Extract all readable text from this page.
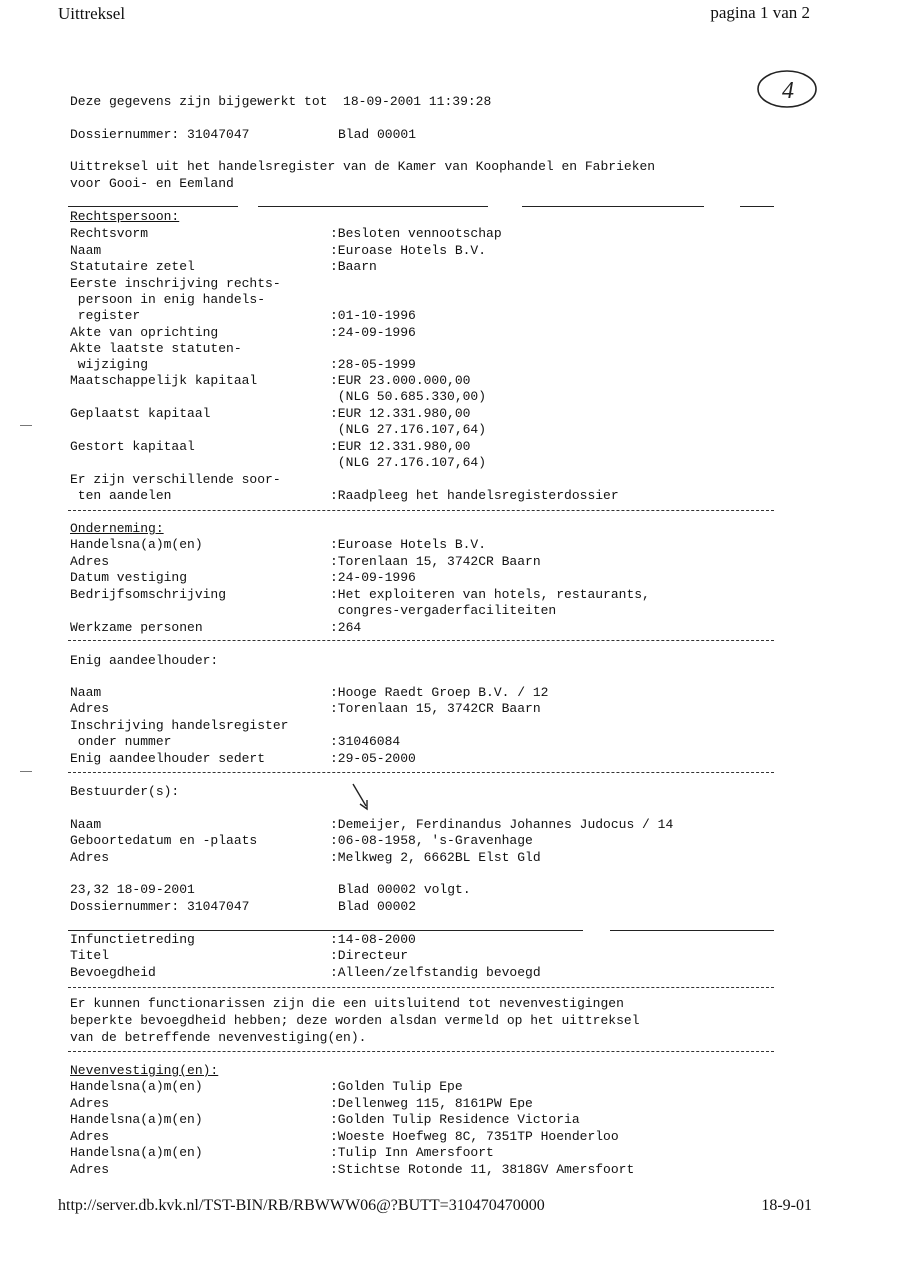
Uittreksel	pagina 1 van 2
4
Deze gegevens zijn bijgewerkt tot  18-09-2001 11:39:28
Dossiernummer: 31047047	Blad 00001
Uittreksel uit het handelsregister van de Kamer van Koophandel en Fabrieken
voor Gooi- en Eemland
Rechtspersoon:
Rechtsvorm	:Besloten vennootschap
Naam	:Euroase Hotels B.V.
Statutaire zetel	:Baarn
Eerste inschrijving rechts-
persoon in enig handels-
register	:01-10-1996
Akte van oprichting	:24-09-1996
Akte laatste statuten-
wijziging	:28-05-1999
Maatschappelijk kapitaal	:EUR 23.000.000,00
(NLG 50.685.330,00)
Geplaatst kapitaal	:EUR 12.331.980,00
(NLG 27.176.107,64)
Gestort kapitaal	:EUR 12.331.980,00
(NLG 27.176.107,64)
Er zijn verschillende soor-
ten aandelen	:Raadpleeg het handelsregisterdossier
Onderneming:
Handelsna(a)m(en)	:Euroase Hotels B.V.
Adres	:Torenlaan 15, 3742CR Baarn
Datum vestiging	:24-09-1996
Bedrijfsomschrijving	:Het exploiteren van hotels, restaurants,
congres-vergaderfaciliteiten
Werkzame personen	:264
Enig aandeelhouder:
Naam	:Hooge Raedt Groep B.V. / 12
Adres	:Torenlaan 15, 3742CR Baarn
Inschrijving handelsregister
onder nummer	:31046084
Enig aandeelhouder sedert	:29-05-2000
Bestuurder(s):
Naam	:Demeijer, Ferdinandus Johannes Judocus / 14
Geboortedatum en -plaats	:06-08-1958, 's-Gravenhage
Adres	:Melkweg 2, 6662BL Elst Gld
23,32 18-09-2001	Blad 00002 volgt.
Dossiernummer: 31047047	Blad 00002
Infunctietreding	:14-08-2000
Titel	:Directeur
Bevoegdheid	:Alleen/zelfstandig bevoegd
Er kunnen functionarissen zijn die een uitsluitend tot nevenvestigingen
beperkte bevoegdheid hebben; deze worden alsdan vermeld op het uittreksel
van de betreffende nevenvestiging(en).
Nevenvestiging(en):
Handelsna(a)m(en)	:Golden Tulip Epe
Adres	:Dellenweg 115, 8161PW Epe
Handelsna(a)m(en)	:Golden Tulip Residence Victoria
Adres	:Woeste Hoefweg 8C, 7351TP Hoenderloo
Handelsna(a)m(en)	:Tulip Inn Amersfoort
Adres	:Stichtse Rotonde 11, 3818GV Amersfoort
http://server.db.kvk.nl/TST-BIN/RB/RBWWW06@?BUTT=310470470000	18-9-01
